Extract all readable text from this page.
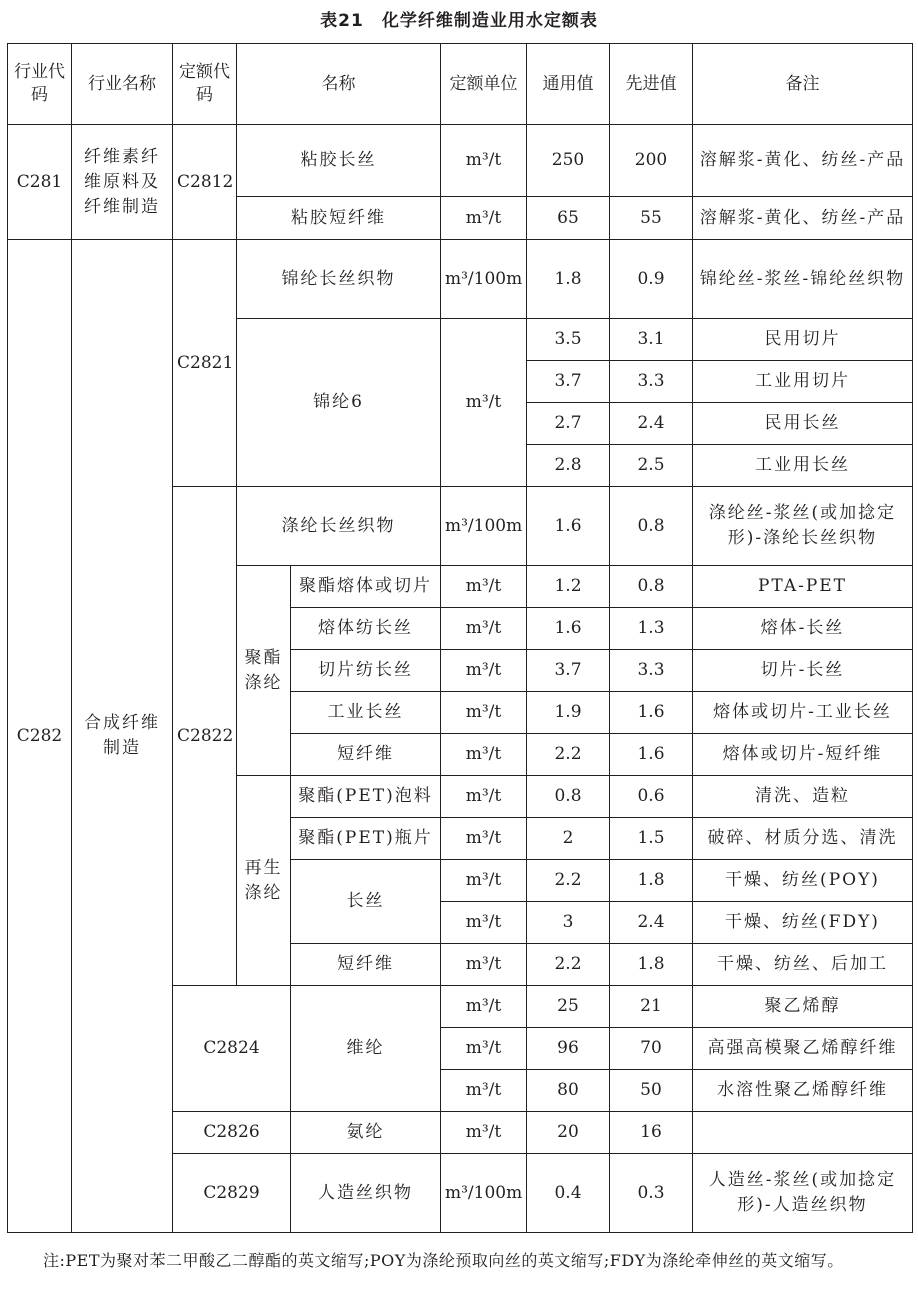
表21　化学纤维制造业用水定额表
行业代码	行业名称	定额代码	名称		定额单位	通用值	先进值	备注
C281	纤维素纤维原料及纤维制造	C2812	粘胶长丝		m³/t	250	200	溶解浆-黄化、纺丝-产品
			粘胶短纤维		m³/t	65	55	溶解浆-黄化、纺丝-产品
C282	合成纤维制造	C2821	锦纶长丝织物		m³/100m	1.8	0.9	锦纶丝-浆丝-锦纶丝织物
			锦纶6		m³/t	3.5	3.1	民用切片
						3.7	3.3	工业用切片
						2.7	2.4	民用长丝
						2.8	2.5	工业用长丝
		C2822	涤纶长丝织物		m³/100m	1.6	0.8	涤纶丝-浆丝(或加捻定形)-涤纶长丝织物
			聚酯涤纶	聚酯熔体或切片	m³/t	1.2	0.8	PTA-PET
				熔体纺长丝	m³/t	1.6	1.3	熔体-长丝
				切片纺长丝	m³/t	3.7	3.3	切片-长丝
				工业长丝	m³/t	1.9	1.6	熔体或切片-工业长丝
				短纤维	m³/t	2.2	1.6	熔体或切片-短纤维
			再生涤纶	聚酯(PET)泡料	m³/t	0.8	0.6	清洗、造粒
				聚酯(PET)瓶片	m³/t	2	1.5	破碎、材质分选、清洗
				长丝	m³/t	2.2	1.8	干燥、纺丝(POY)
					m³/t	3	2.4	干燥、纺丝(FDY)
				短纤维	m³/t	2.2	1.8	干燥、纺丝、后加工
		C2824		维纶	m³/t	25	21	聚乙烯醇
					m³/t	96	70	高强高模聚乙烯醇纤维
					m³/t	80	50	水溶性聚乙烯醇纤维
		C2826		氨纶	m³/t	20	16	
		C2829		人造丝织物	m³/100m	0.4	0.3	人造丝-浆丝(或加捻定形)-人造丝织物
注:PET为聚对苯二甲酸乙二醇酯的英文缩写;POY为涤纶预取向丝的英文缩写;FDY为涤纶牵伸丝的英文缩写。
